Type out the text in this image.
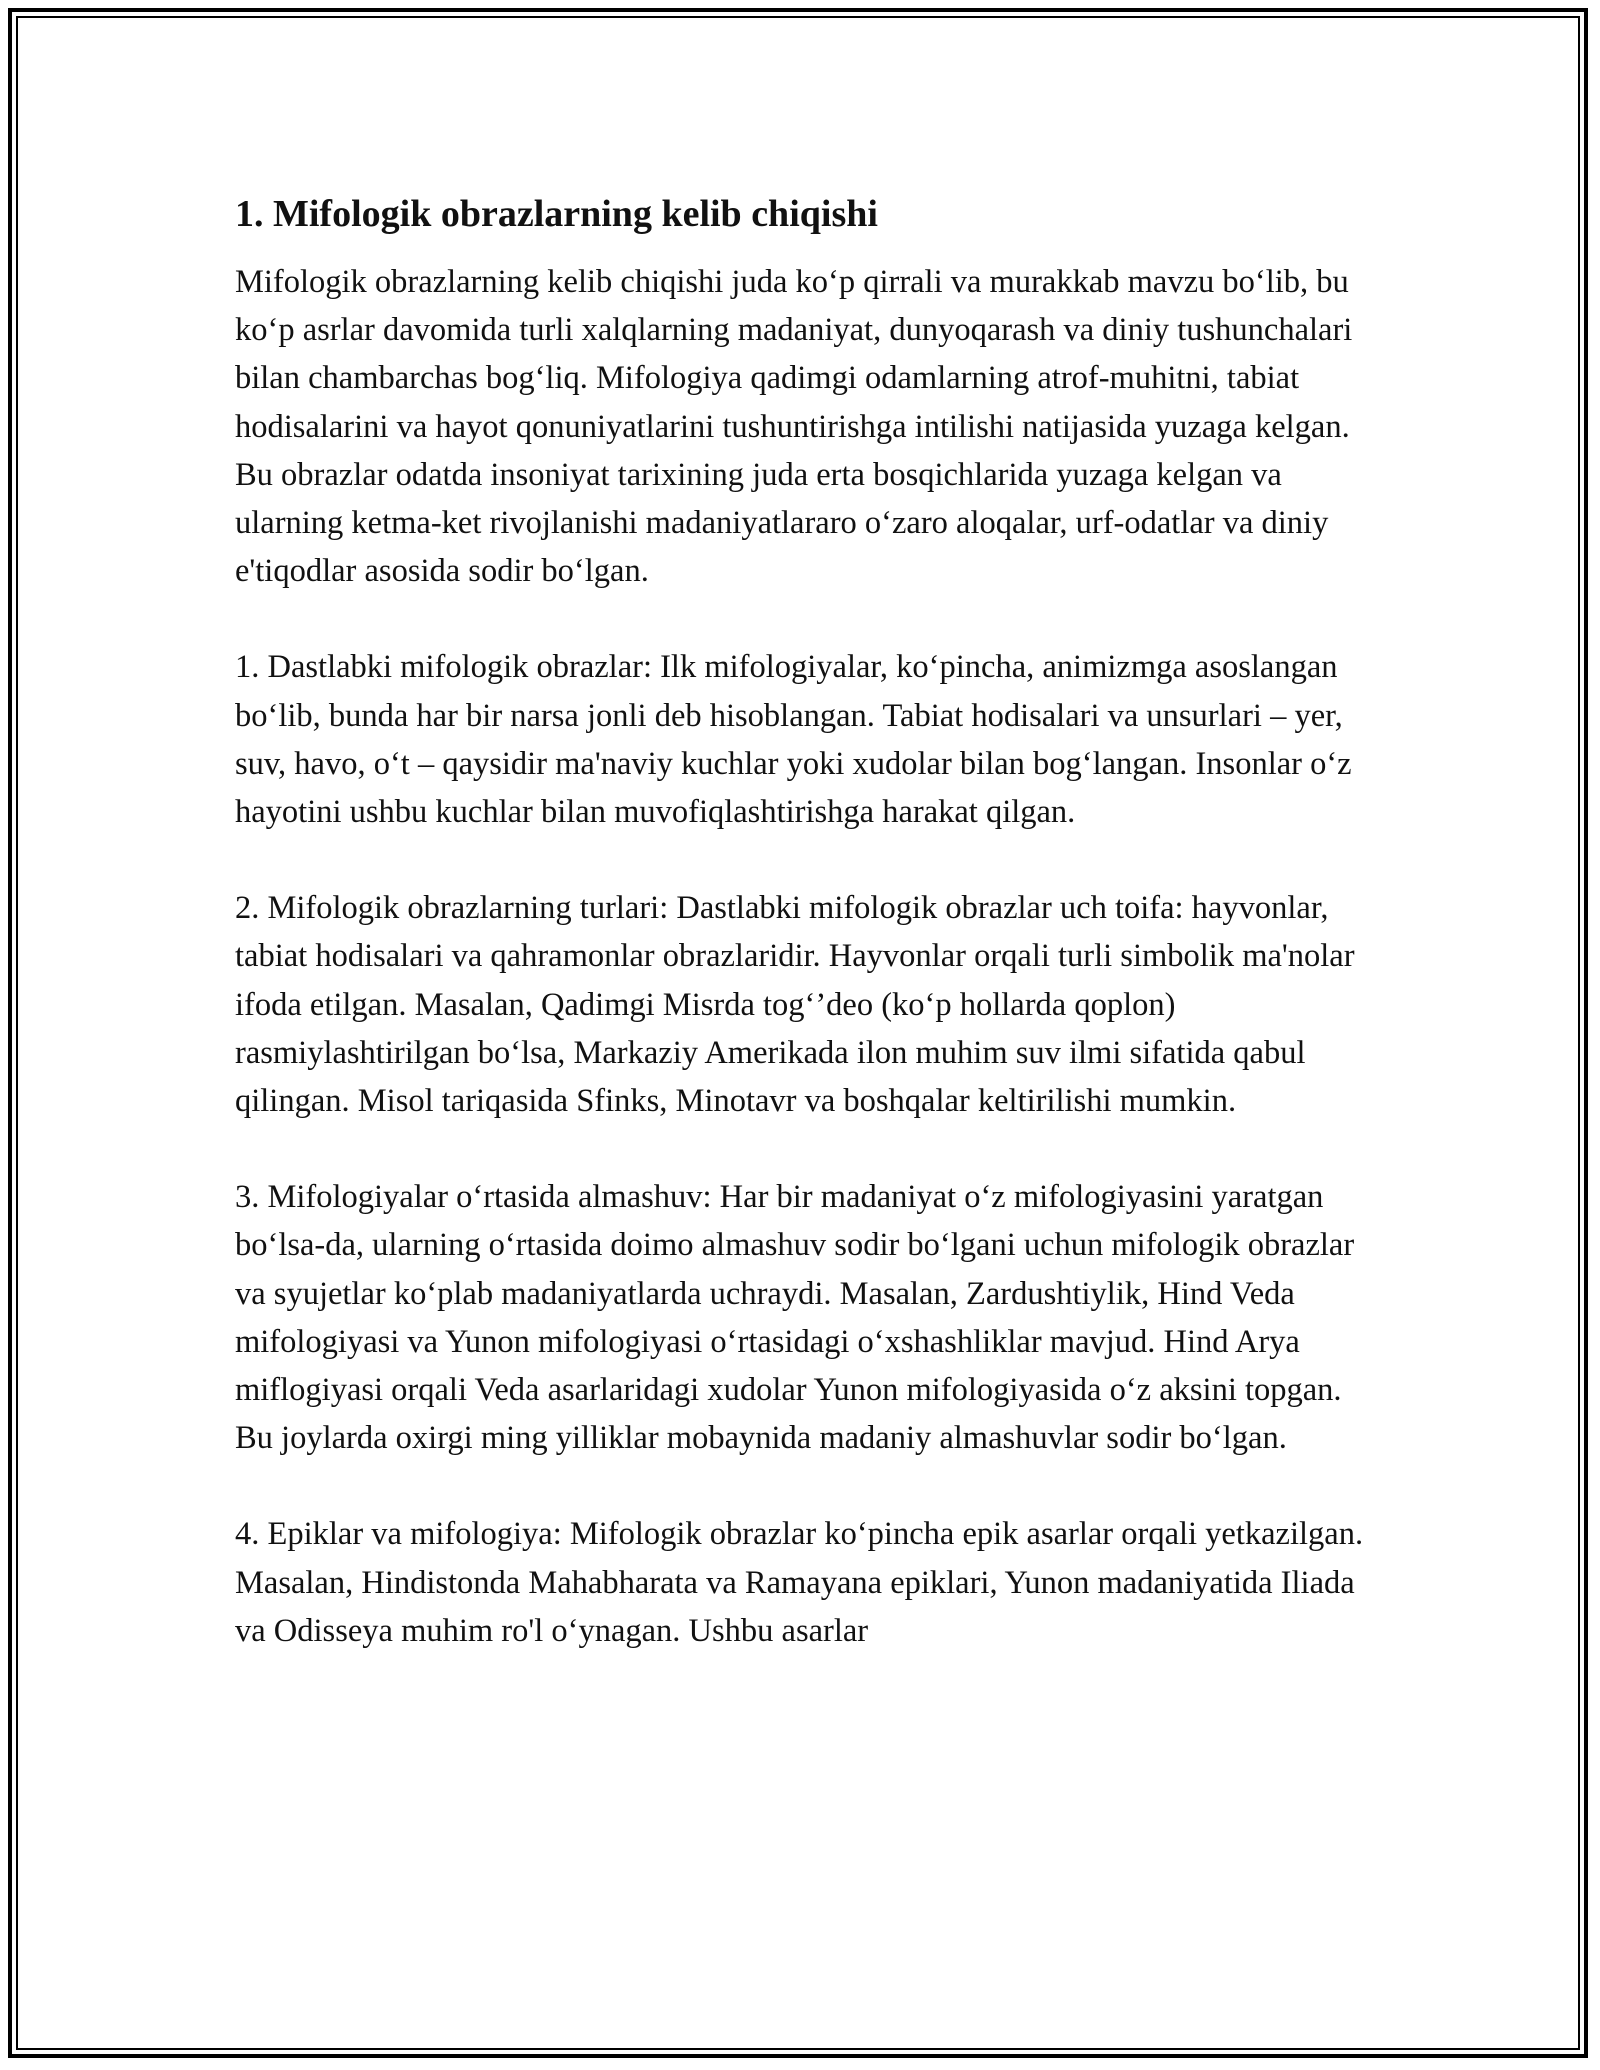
1. Mifologik obrazlarning kelib chiqishi

Mifologik obrazlarning kelib chiqishi juda ko‘p qirrali va murakkab mavzu bo‘lib, bu ko‘p asrlar davomida turli xalqlarning madaniyat, dunyoqarash va diniy tushunchalari bilan chambarchas bog‘liq. Mifologiya qadimgi odamlarning atrof-muhitni, tabiat hodisalarini va hayot qonuniyatlarini tushuntirishga intilishi natijasida yuzaga kelgan. Bu obrazlar odatda insoniyat tarixining juda erta bosqichlarida yuzaga kelgan va ularning ketma-ket rivojlanishi madaniyatlararo o‘zaro aloqalar, urf-odatlar va diniy e'tiqodlar asosida sodir bo‘lgan.

1. Dastlabki mifologik obrazlar: Ilk mifologiyalar, ko‘pincha, animizmga asoslangan bo‘lib, bunda har bir narsa jonli deb hisoblangan. Tabiat hodisalari va unsurlari – yer, suv, havo, o‘t – qaysidir ma'naviy kuchlar yoki xudolar bilan bog‘langan. Insonlar o‘z hayotini ushbu kuchlar bilan muvofiqlashtirishga harakat qilgan.

2. Mifologik obrazlarning turlari: Dastlabki mifologik obrazlar uch toifa: hayvonlar, tabiat hodisalari va qahramonlar obrazlaridir. Hayvonlar orqali turli simbolik ma'nolar ifoda etilgan. Masalan, Qadimgi Misrda tog‘’deo (ko‘p hollarda qoplon) rasmiylashtirilgan bo‘lsa, Markaziy Amerikada ilon muhim suv ilmi sifatida qabul qilingan. Misol tariqasida Sfinks, Minotavr va boshqalar keltirilishi mumkin.

3. Mifologiyalar o‘rtasida almashuv: Har bir madaniyat o‘z mifologiyasini yaratgan bo‘lsa-da, ularning o‘rtasida doimo almashuv sodir bo‘lgani uchun mifologik obrazlar va syujetlar ko‘plab madaniyatlarda uchraydi. Masalan, Zardushtiylik, Hind Veda mifologiyasi va Yunon mifologiyasi o‘rtasidagi o‘xshashliklar mavjud. Hind Arya miflogiyasi orqali Veda asarlaridagi xudolar Yunon mifologiyasida o‘z aksini topgan. Bu joylarda oxirgi ming yilliklar mobaynida madaniy almashuvlar sodir bo‘lgan.

4. Epiklar va mifologiya: Mifologik obrazlar ko‘pincha epik asarlar orqali yetkazilgan. Masalan, Hindistonda Mahabharata va Ramayana epiklari, Yunon madaniyatida Iliada va Odisseya muhim ro'l o‘ynagan. Ushbu asarlar
